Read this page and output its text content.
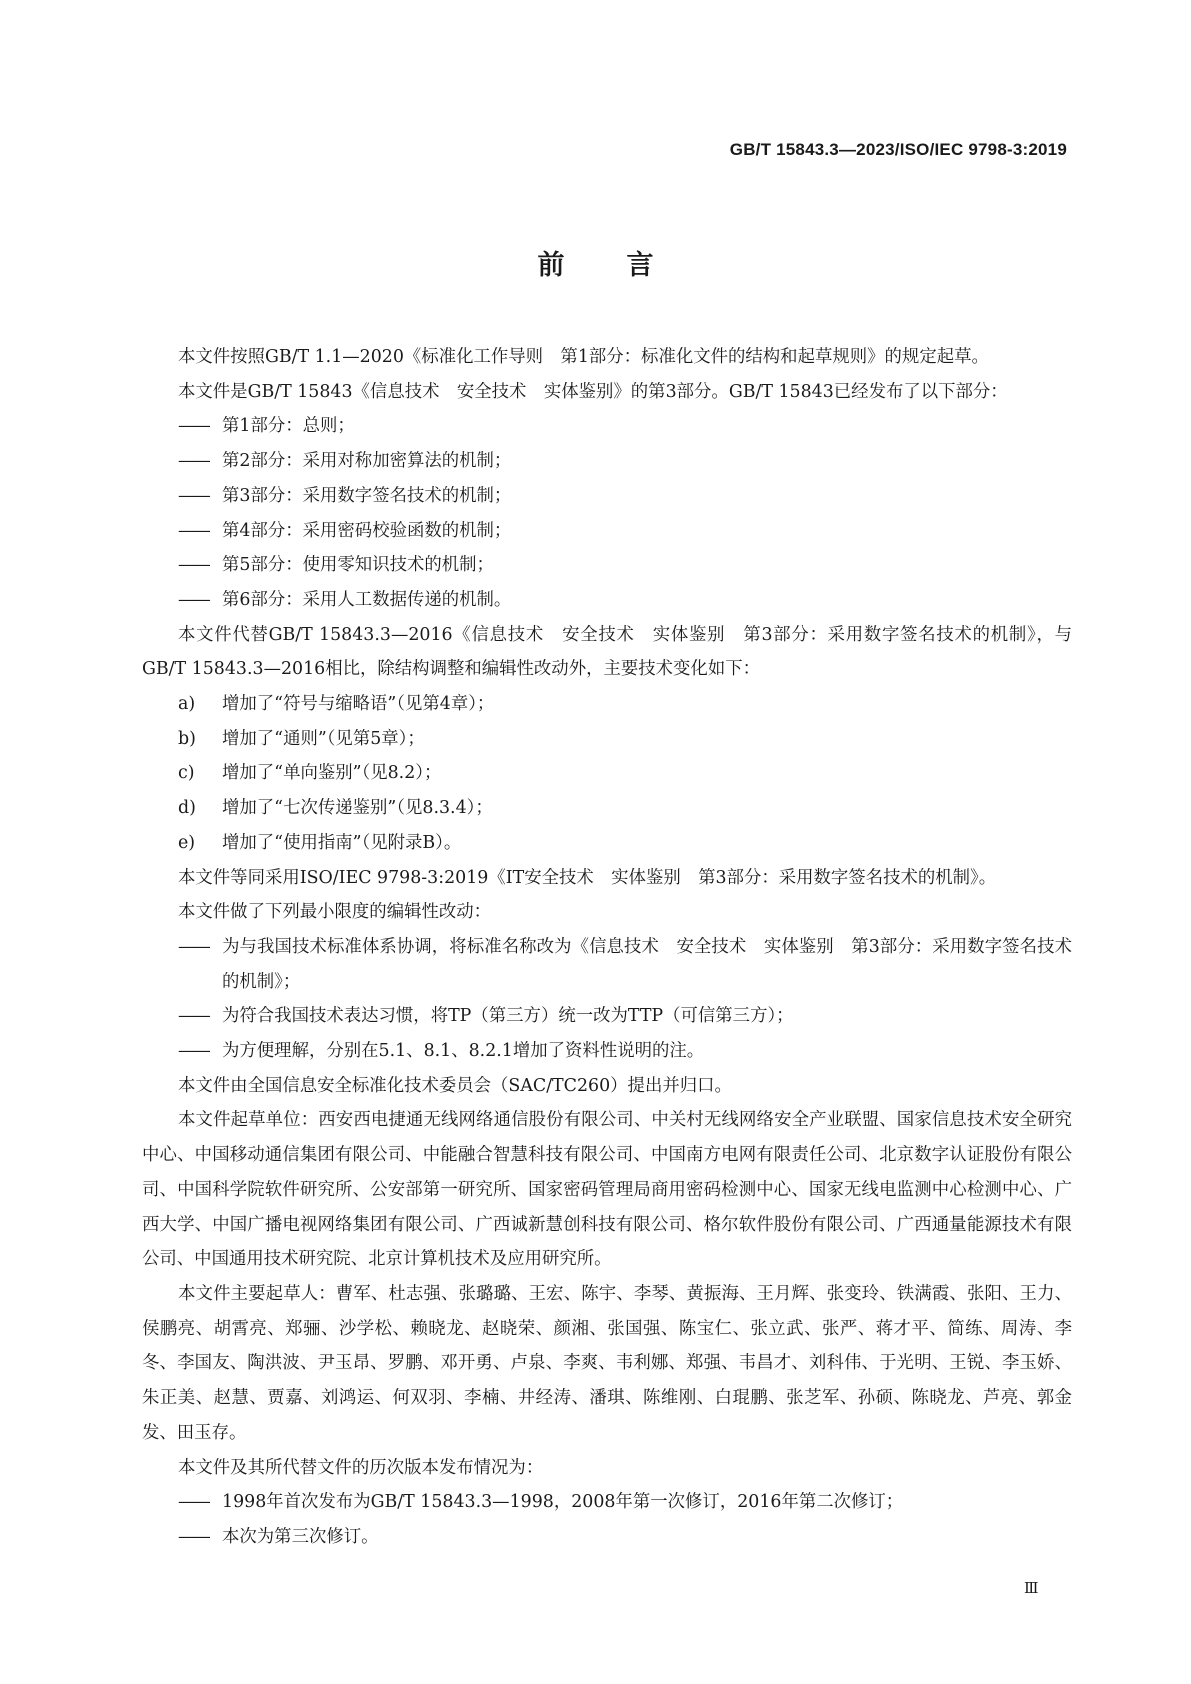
GB/T 15843.3—2023/ISO/IEC 9798-3:2019

前言

本文件按照GB/T 1.1—2020《标准化工作导则　第1部分：标准化文件的结构和起草规则》的规定起草。

本文件是GB/T 15843《信息技术　安全技术　实体鉴别》的第3部分。GB/T 15843已经发布了以下部分：

—— 第1部分：总则；

—— 第2部分：采用对称加密算法的机制；

—— 第3部分：采用数字签名技术的机制；

—— 第4部分：采用密码校验函数的机制；

—— 第5部分：使用零知识技术的机制；

—— 第6部分：采用人工数据传递的机制。

本文件代替GB/T 15843.3—2016《信息技术　安全技术　实体鉴别　第3部分：采用数字签名技术的机制》，与GB/T 15843.3—2016相比，除结构调整和编辑性改动外，主要技术变化如下：

a) 增加了“符号与缩略语”（见第4章）；

b) 增加了“通则”（见第5章）；

c) 增加了“单向鉴别”（见8.2）；

d) 增加了“七次传递鉴别”（见8.3.4）；

e) 增加了“使用指南”（见附录B）。

本文件等同采用ISO/IEC 9798-3:2019《IT安全技术　实体鉴别　第3部分：采用数字签名技术的机制》。

本文件做了下列最小限度的编辑性改动：

—— 为与我国技术标准体系协调，将标准名称改为《信息技术　安全技术　实体鉴别　第3部分：采用数字签名技术的机制》；

—— 为符合我国技术表达习惯，将TP（第三方）统一改为TTP（可信第三方）；

—— 为方便理解，分别在5.1、8.1、8.2.1增加了资料性说明的注。

本文件由全国信息安全标准化技术委员会（SAC/TC260）提出并归口。

本文件起草单位：西安西电捷通无线网络通信股份有限公司、中关村无线网络安全产业联盟、国家信息技术安全研究中心、中国移动通信集团有限公司、中能融合智慧科技有限公司、中国南方电网有限责任公司、北京数字认证股份有限公司、中国科学院软件研究所、公安部第一研究所、国家密码管理局商用密码检测中心、国家无线电监测中心检测中心、广西大学、中国广播电视网络集团有限公司、广西诚新慧创科技有限公司、格尔软件股份有限公司、广西通量能源技术有限公司、中国通用技术研究院、北京计算机技术及应用研究所。

本文件主要起草人：曹军、杜志强、张璐璐、王宏、陈宇、李琴、黄振海、王月辉、张变玲、铁满霞、张阳、王力、侯鹏亮、胡霄亮、郑骊、沙学松、赖晓龙、赵晓荣、颜湘、张国强、陈宝仁、张立武、张严、蒋才平、简练、周涛、李冬、李国友、陶洪波、尹玉昂、罗鹏、邓开勇、卢泉、李爽、韦利娜、郑强、韦昌才、刘科伟、于光明、王锐、李玉娇、朱正美、赵慧、贾嘉、刘鸿运、何双羽、李楠、井经涛、潘琪、陈维刚、白琨鹏、张芝军、孙硕、陈晓龙、芦亮、郭金发、田玉存。

本文件及其所代替文件的历次版本发布情况为：

—— 1998年首次发布为GB/T 15843.3—1998，2008年第一次修订，2016年第二次修订；

—— 本次为第三次修订。

Ⅲ
